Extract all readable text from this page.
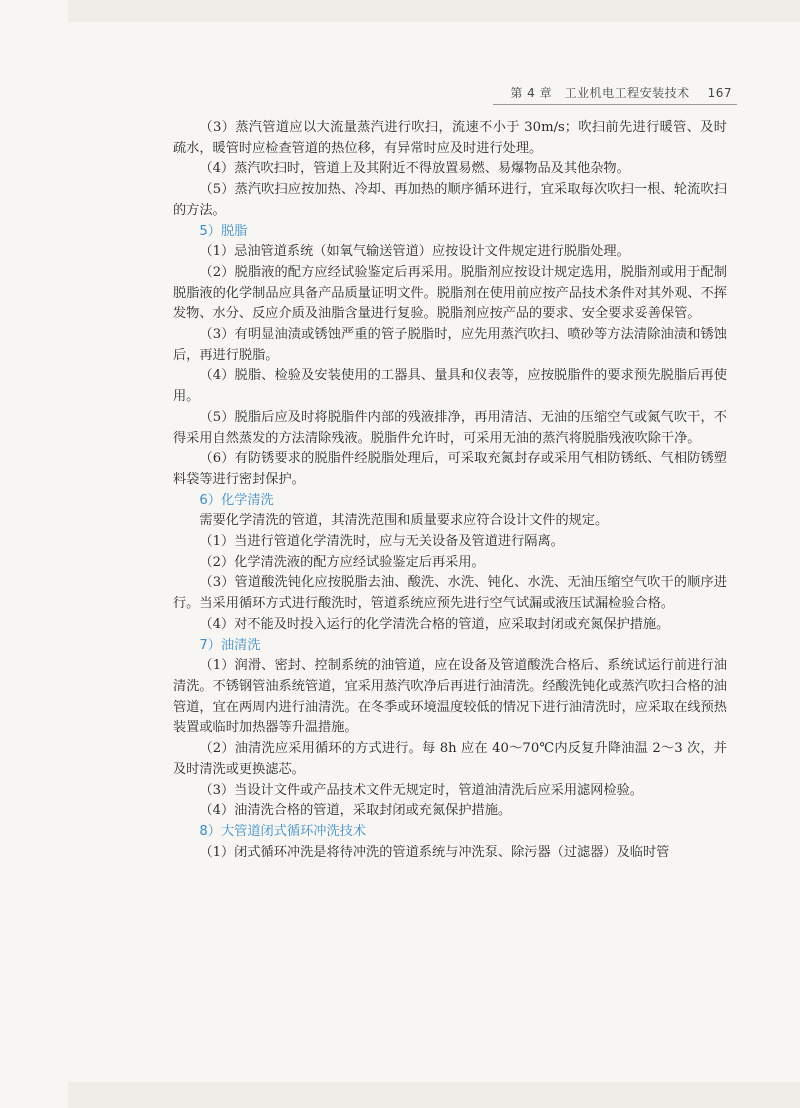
第 4 章　工业机电工程安装技术 167

（3）蒸汽管道应以大流量蒸汽进行吹扫，流速不小于 30m/s；吹扫前先进行暖管、及时疏水，暖管时应检查管道的热位移，有异常时应及时进行处理。

（4）蒸汽吹扫时，管道上及其附近不得放置易燃、易爆物品及其他杂物。

（5）蒸汽吹扫应按加热、冷却、再加热的顺序循环进行，宜采取每次吹扫一根、轮流吹扫的方法。

5）脱脂

（1）忌油管道系统（如氧气输送管道）应按设计文件规定进行脱脂处理。

（2）脱脂液的配方应经试验鉴定后再采用。脱脂剂应按设计规定选用，脱脂剂或用于配制脱脂液的化学制品应具备产品质量证明文件。脱脂剂在使用前应按产品技术条件对其外观、不挥发物、水分、反应介质及油脂含量进行复验。脱脂剂应按产品的要求、安全要求妥善保管。

（3）有明显油渍或锈蚀严重的管子脱脂时，应先用蒸汽吹扫、喷砂等方法清除油渍和锈蚀后，再进行脱脂。

（4）脱脂、检验及安装使用的工器具、量具和仪表等，应按脱脂件的要求预先脱脂后再使用。

（5）脱脂后应及时将脱脂件内部的残液排净，再用清洁、无油的压缩空气或氮气吹干，不得采用自然蒸发的方法清除残液。脱脂件允许时，可采用无油的蒸汽将脱脂残液吹除干净。

（6）有防锈要求的脱脂件经脱脂处理后，可采取充氮封存或采用气相防锈纸、气相防锈塑料袋等进行密封保护。

6）化学清洗

需要化学清洗的管道，其清洗范围和质量要求应符合设计文件的规定。

（1）当进行管道化学清洗时，应与无关设备及管道进行隔离。

（2）化学清洗液的配方应经试验鉴定后再采用。

（3）管道酸洗钝化应按脱脂去油、酸洗、水洗、钝化、水洗、无油压缩空气吹干的顺序进行。当采用循环方式进行酸洗时，管道系统应预先进行空气试漏或液压试漏检验合格。

（4）对不能及时投入运行的化学清洗合格的管道，应采取封闭或充氮保护措施。

7）油清洗

（1）润滑、密封、控制系统的油管道，应在设备及管道酸洗合格后、系统试运行前进行油清洗。不锈钢管油系统管道，宜采用蒸汽吹净后再进行油清洗。经酸洗钝化或蒸汽吹扫合格的油管道，宜在两周内进行油清洗。在冬季或环境温度较低的情况下进行油清洗时，应采取在线预热装置或临时加热器等升温措施。

（2）油清洗应采用循环的方式进行。每 8h 应在 40～70℃内反复升降油温 2～3 次，并及时清洗或更换滤芯。

（3）当设计文件或产品技术文件无规定时，管道油清洗后应采用滤网检验。

（4）油清洗合格的管道，采取封闭或充氮保护措施。

8）大管道闭式循环冲洗技术

（1）闭式循环冲洗是将待冲洗的管道系统与冲洗泵、除污器（过滤器）及临时管
